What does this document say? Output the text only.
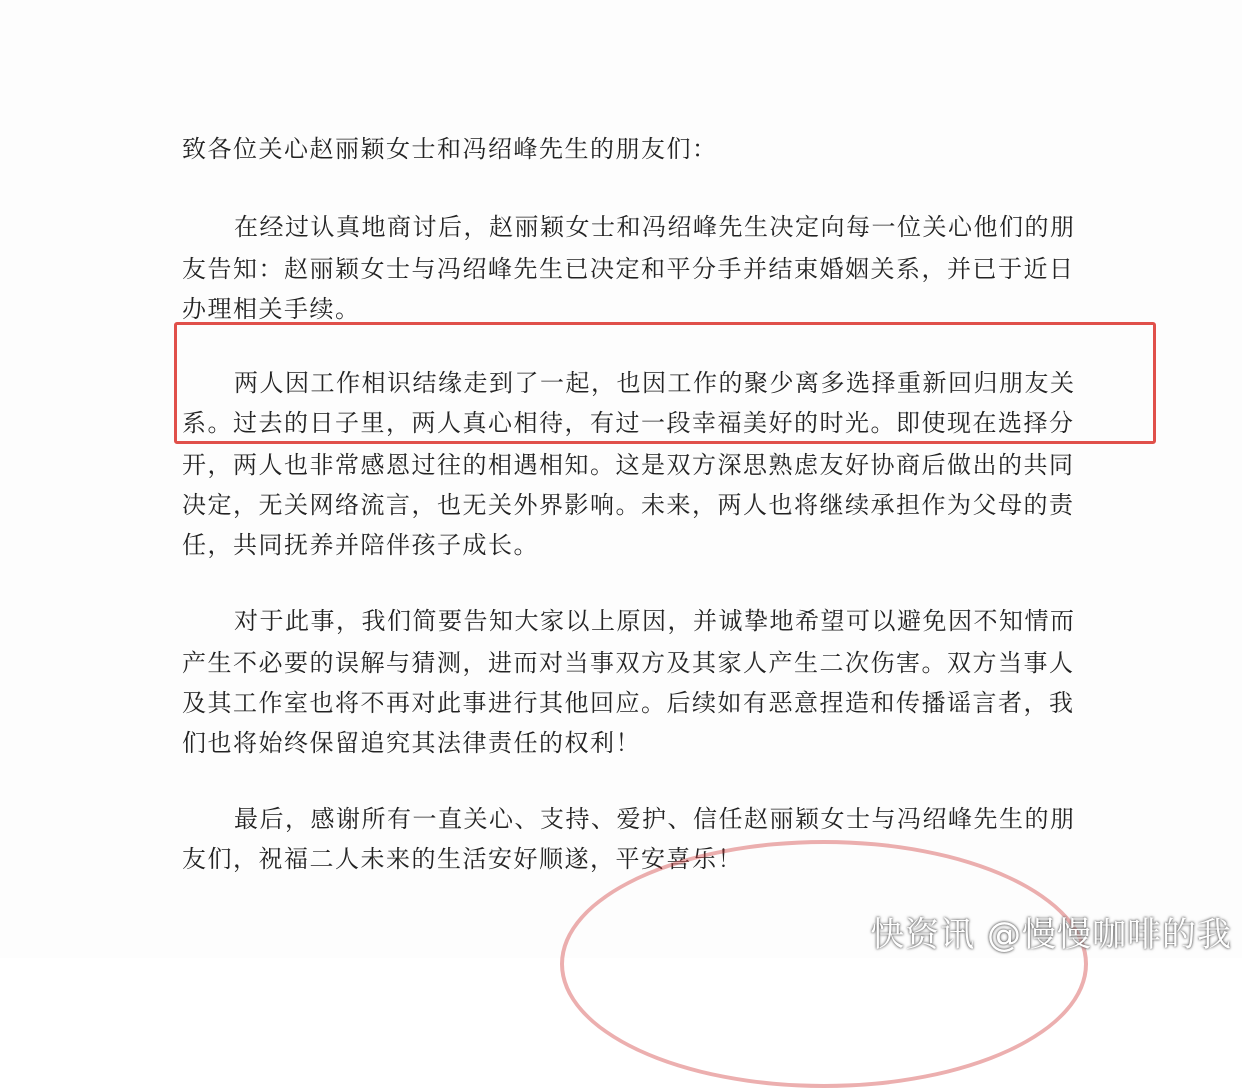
致各位关心赵丽颖女士和冯绍峰先生的朋友们：
在经过认真地商讨后，赵丽颖女士和冯绍峰先生决定向每一位关心他们的朋
友告知：赵丽颖女士与冯绍峰先生已决定和平分手并结束婚姻关系，并已于近日
办理相关手续。
两人因工作相识结缘走到了一起，也因工作的聚少离多选择重新回归朋友关
系。过去的日子里，两人真心相待，有过一段幸福美好的时光。即使现在选择分
开，两人也非常感恩过往的相遇相知。这是双方深思熟虑友好协商后做出的共同
决定，无关网络流言，也无关外界影响。未来，两人也将继续承担作为父母的责
任，共同抚养并陪伴孩子成长。
对于此事，我们简要告知大家以上原因，并诚挚地希望可以避免因不知情而
产生不必要的误解与猜测，进而对当事双方及其家人产生二次伤害。双方当事人
及其工作室也将不再对此事进行其他回应。后续如有恶意捏造和传播谣言者，我
们也将始终保留追究其法律责任的权利！
最后，感谢所有一直关心、支持、爱护、信任赵丽颖女士与冯绍峰先生的朋
友们，祝福二人未来的生活安好顺遂，平安喜乐！
快资讯 @慢慢咖啡的我
